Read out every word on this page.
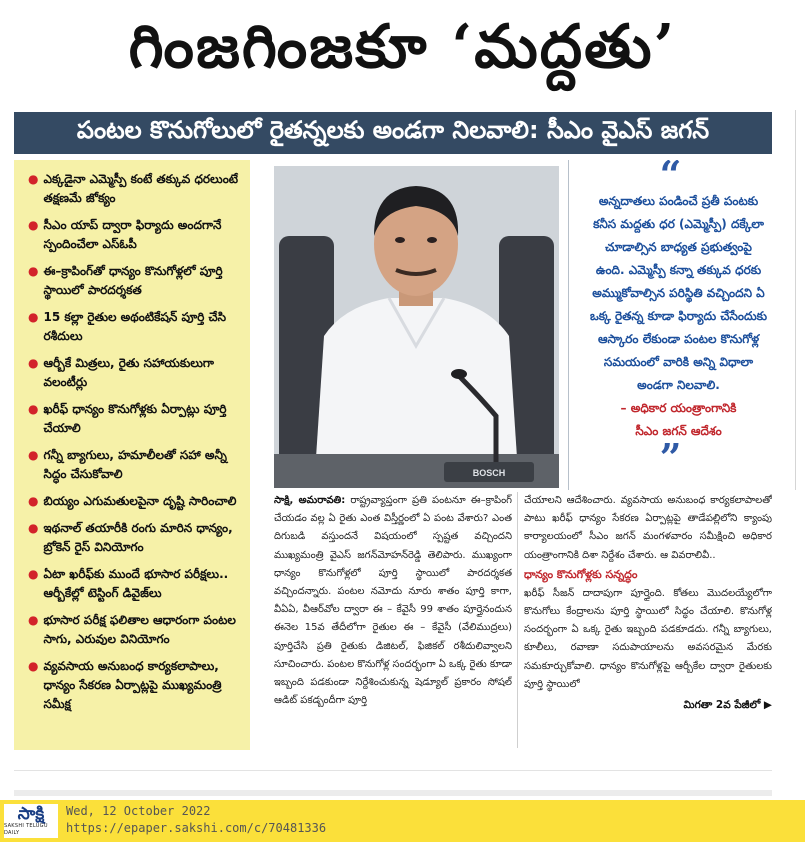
గింజగింజకూ ‘మద్దతు’
పంటల కొనుగోలులో రైతన్నలకు అండగా నిలవాలి: సీఎం వైఎస్‌ జగన్‌
● ఎక్కడైనా ఎమ్మెస్పీ కంటే తక్కువ ధరలుంటే తక్షణమే జోక్యం
● సీఎం యాప్‌ ద్వారా ఫిర్యాదు అందగానే స్పందించేలా ఎస్‌ఓపీ
● ఈ–క్రాపింగ్‌తో ధాన్యం కొనుగోళ్లలో పూర్తి స్థాయిలో పారదర్శకత
● 15 కల్లా రైతుల అథంటికేషన్‌ పూర్తి చేసి రశీదులు
● ఆర్బీకే మిత్రలు, రైతు సహాయకులుగా వలంటీర్లు
● ఖరీఫ్‌ ధాన్యం కొనుగోళ్లకు ఏర్పాట్లు పూర్తి చేయాలి
● గన్నీ బ్యాగులు, హమాలీలతో సహా అన్నీ సిద్ధం చేసుకోవాలి
● బియ్యం ఎగుమతులపైనా దృష్టి సారించాలి
● ఇథనాల్‌ తయారీకి రంగు మారిన ధాన్యం, బ్రోకెన్‌ రైస్‌ వినియోగం
● ఏటా ఖరీఫ్‌కు ముందే భూసార పరీక్షలు.. ఆర్బీకేల్లో టెస్టింగ్‌ డివైజ్‌లు
● భూసార పరీక్ష ఫలితాల ఆధారంగా పంటల సాగు, ఎరువుల వినియోగం
● వ్యవసాయ అనుబంధ కార్యకలాపాలు, ధాన్యం సేకరణ ఏర్పాట్లపై ముఖ్యమంత్రి సమీక్ష
BOSCH
“
అన్నదాతలు పండించే ప్రతీ పంటకు కనీస మద్దతు ధర (ఎమ్మెస్పీ) దక్కేలా చూడాల్సిన బాధ్యత ప్రభుత్వంపై ఉంది. ఎమ్మెస్పీ కన్నా తక్కువ ధరకు అమ్ముకోవాల్సిన పరిస్థితి వచ్చిందని ఏ ఒక్క రైతన్న కూడా ఫిర్యాదు చేసేందుకు ఆస్కారం లేకుండా పంటల కొనుగోళ్ల సమయంలో వారికి అన్ని విధాలా అండగా నిలవాలి.
– అధికార యంత్రాంగానికి
సీఎం జగన్‌ ఆదేశం
”
సాక్షి, అమరావతి: రాష్ట్రవ్యాప్తంగా ప్రతి పంటనూ ఈ–క్రాపింగ్‌ చేయడం వల్ల ఏ రైతు ఎంత విస్తీర్ణంలో ఏ పంట వేశారు? ఎంత దిగుబడి వస్తుందనే విషయంలో స్పష్టత వచ్చిందని ముఖ్యమంత్రి వైఎస్‌ జగన్‌మోహన్‌రెడ్డి తెలిపారు. ముఖ్యంగా ధాన్యం కొనుగోళ్లలో పూర్తి స్థాయిలో పారదర్శకత వచ్చిందన్నారు. పంటల నమోదు నూరు శాతం పూర్తి కాగా, వీఏఏ, వీఆర్‌వోల ద్వారా ఈ – కేవైసీ 99 శాతం పూర్తైనందున ఈనెల 15వ తేదీలోగా రైతుల ఈ – కేవైసీ (వేలిముద్రలు) పూర్తిచేసి ప్రతి రైతుకు డిజిటల్‌, ఫిజికల్‌ రశీదులివ్వాలని సూచించారు. పంటల కొనుగోళ్ల సందర్భంగా ఏ ఒక్క రైతు కూడా ఇబ్బంది పడకుండా నిర్దేశించుకున్న షెడ్యూల్‌ ప్రకారం సోషల్‌ ఆడిట్‌ పకడ్బందీగా పూర్తి
చేయాలని ఆదేశించారు. వ్యవసాయ అనుబంధ కార్యకలాపాలతో పాటు ఖరీఫ్‌ ధాన్యం సేకరణ ఏర్పాట్లపై తాడేపల్లిలోని క్యాంపు కార్యాలయంలో సీఎం జగన్‌ మంగళవారం సమీక్షించి అధికార యంత్రాంగానికి దిశా నిర్దేశం చేశారు. ఆ వివరాలివీ..
ధాన్యం కొనుగోళ్లకు సన్నద్ధం
ఖరీఫ్‌ సీజన్‌ దాదాపుగా పూర్తైంది. కోతలు మొదలయ్యేలోగా కొనుగోలు కేంద్రాలను పూర్తి స్థాయిలో సిద్ధం చేయాలి. కొనుగోళ్ల సందర్భంగా ఏ ఒక్క రైతు ఇబ్బంది పడకూడదు. గన్నీ బ్యాగులు, కూలీలు, రవాణా సదుపాయాలను అవసరమైన మేరకు సమకూర్చుకోవాలి. ధాన్యం కొనుగోళ్లపై ఆర్బీకేల ద్వారా రైతులకు పూర్తి స్థాయిలో
మిగతా 2వ పేజీలో ▶
సాక్షి
SAKSHI TELUGU DAILY
Wed, 12 October 2022
https://epaper.sakshi.com/c/70481336
